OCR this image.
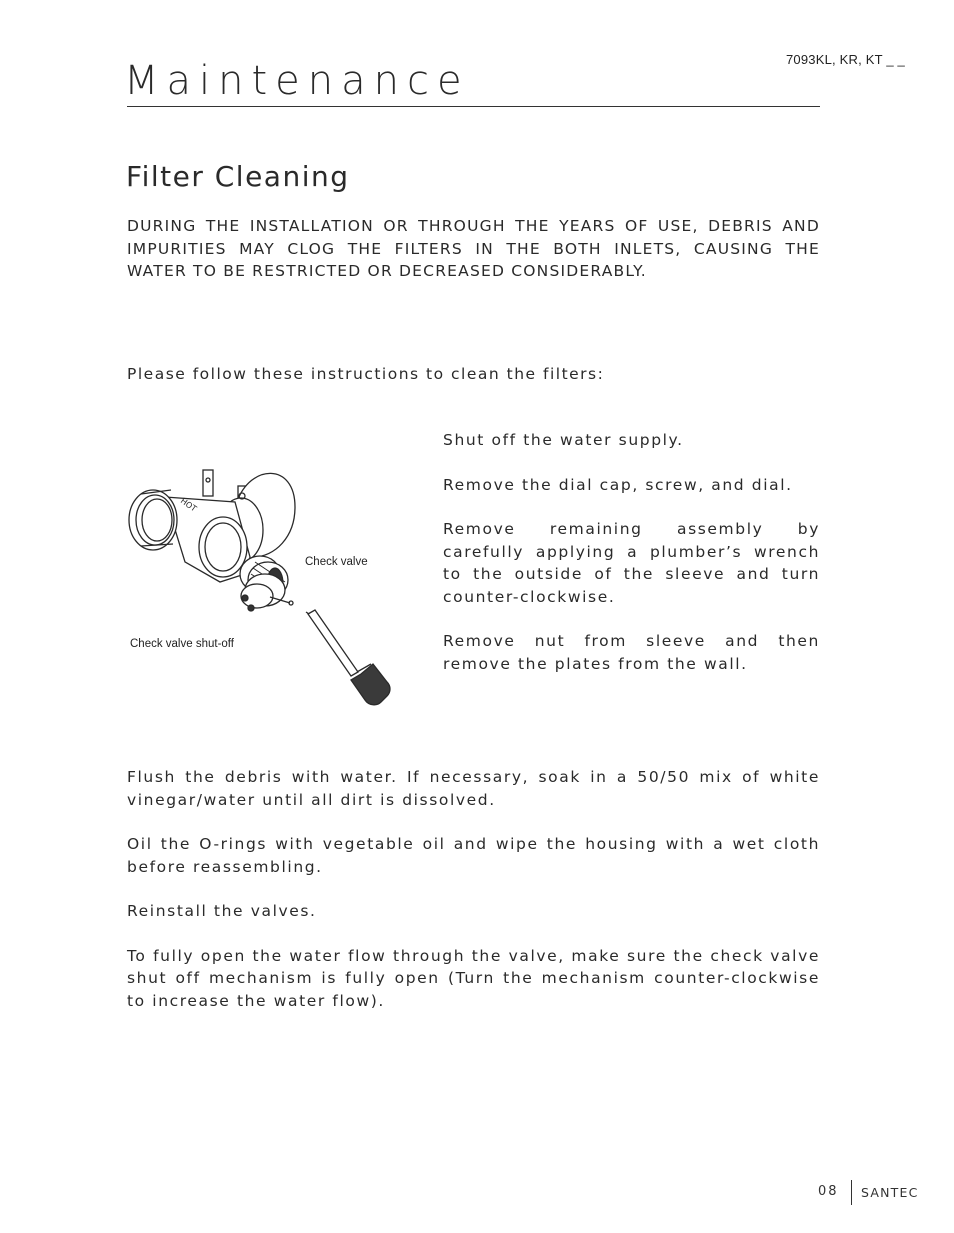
7093KL, KR, KT _ _
Maintenance
Filter Cleaning
DURING THE INSTALLATION OR THROUGH THE YEARS OF USE, DEBRIS AND IMPURITIES MAY CLOG THE FILTERS IN THE BOTH INLETS, CAUSING THE WATER TO BE RESTRICTED OR DECREASED CONSIDERABLY.
Please follow these instructions to clean the filters:
HOT
Check valve
Check valve shut-off

Shut off the water supply.

Remove the dial cap, screw, and dial.

Remove remaining assembly by carefully applying a plumber’s wrench to the outside of the sleeve and turn counter-clockwise.

Remove nut from sleeve and then remove the plates from the wall.

Flush the debris with water. If necessary, soak in a 50/50 mix of white vinegar/water until all dirt is dissolved.

Oil the O-rings with vegetable oil and wipe the housing with a wet cloth before reassembling.

Reinstall the valves.

To fully open the water flow through the valve, make sure the check valve shut off mechanism is fully open (Turn the mechanism counter-clockwise to increase the water flow).

08 SANTEC
